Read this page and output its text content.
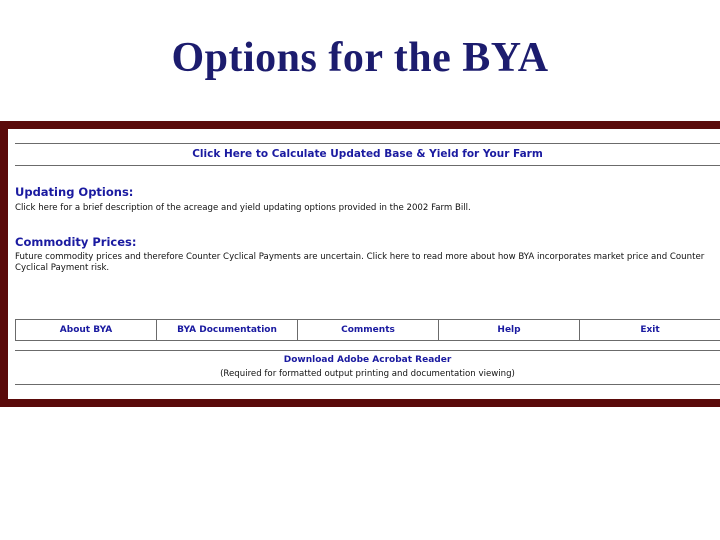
Options for the BYA
Click Here to Calculate Updated Base & Yield for Your Farm
Updating Options:
Click here for a brief description of the acreage and yield updating options provided in the 2002 Farm Bill.
Commodity Prices:
Future commodity prices and therefore Counter Cyclical Payments are uncertain. Click here to read more about how BYA incorporates market price and Counter Cyclical Payment risk.
About BYA	BYA Documentation	Comments	Help	Exit
Download Adobe Acrobat Reader
(Required for formatted output printing and documentation viewing)
